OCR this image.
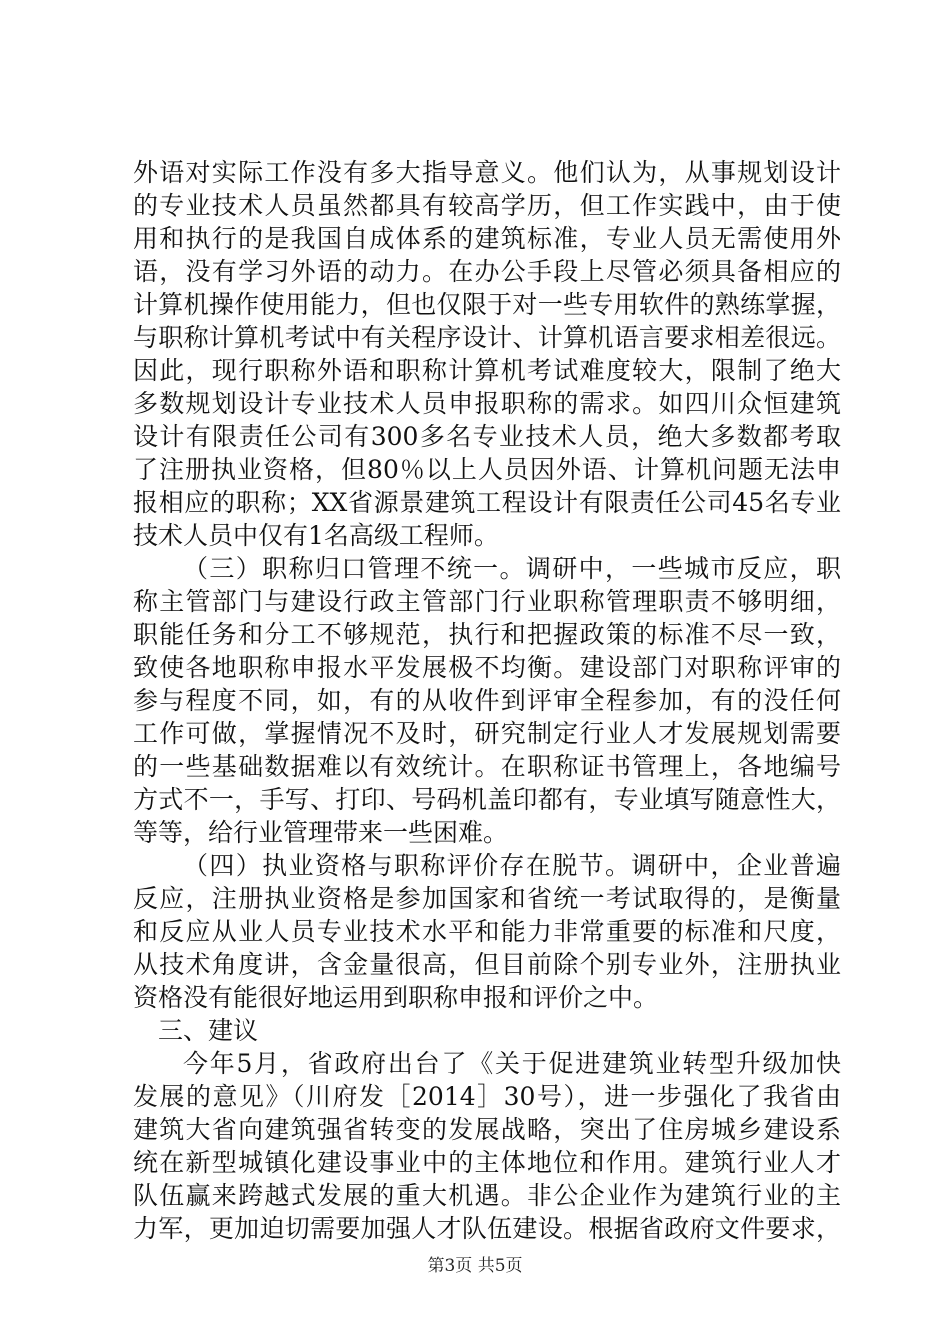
外语对实际工作没有多大指导意义。他们认为，从事规划设计
的专业技术人员虽然都具有较高学历，但工作实践中，由于使
用和执行的是我国自成体系的建筑标准，专业人员无需使用外
语，没有学习外语的动力。在办公手段上尽管必须具备相应的
计算机操作使用能力，但也仅限于对一些专用软件的熟练掌握，
与职称计算机考试中有关程序设计、计算机语言要求相差很远。
因此，现行职称外语和职称计算机考试难度较大，限制了绝大
多数规划设计专业技术人员申报职称的需求。如四川众恒建筑
设计有限责任公司有300多名专业技术人员，绝大多数都考取
了注册执业资格，但80％以上人员因外语、计算机问题无法申
报相应的职称；XX省源景建筑工程设计有限责任公司45名专业
技术人员中仅有1名高级工程师。
（三）职称归口管理不统一。调研中，一些城市反应，职
称主管部门与建设行政主管部门行业职称管理职责不够明细，
职能任务和分工不够规范，执行和把握政策的标准不尽一致，
致使各地职称申报水平发展极不均衡。建设部门对职称评审的
参与程度不同，如，有的从收件到评审全程参加，有的没任何
工作可做，掌握情况不及时，研究制定行业人才发展规划需要
的一些基础数据难以有效统计。在职称证书管理上，各地编号
方式不一，手写、打印、号码机盖印都有，专业填写随意性大，
等等，给行业管理带来一些困难。
（四）执业资格与职称评价存在脱节。调研中，企业普遍
反应，注册执业资格是参加国家和省统一考试取得的，是衡量
和反应从业人员专业技术水平和能力非常重要的标准和尺度，
从技术角度讲，含金量很高，但目前除个别专业外，注册执业
资格没有能很好地运用到职称申报和评价之中。
三、建议
今年5月，省政府出台了《关于促进建筑业转型升级加快
发展的意见》（川府发［2014］30号），进一步强化了我省由
建筑大省向建筑强省转变的发展战略，突出了住房城乡建设系
统在新型城镇化建设事业中的主体地位和作用。建筑行业人才
队伍赢来跨越式发展的重大机遇。非公企业作为建筑行业的主
力军，更加迫切需要加强人才队伍建设。根据省政府文件要求，
第3页 共5页
